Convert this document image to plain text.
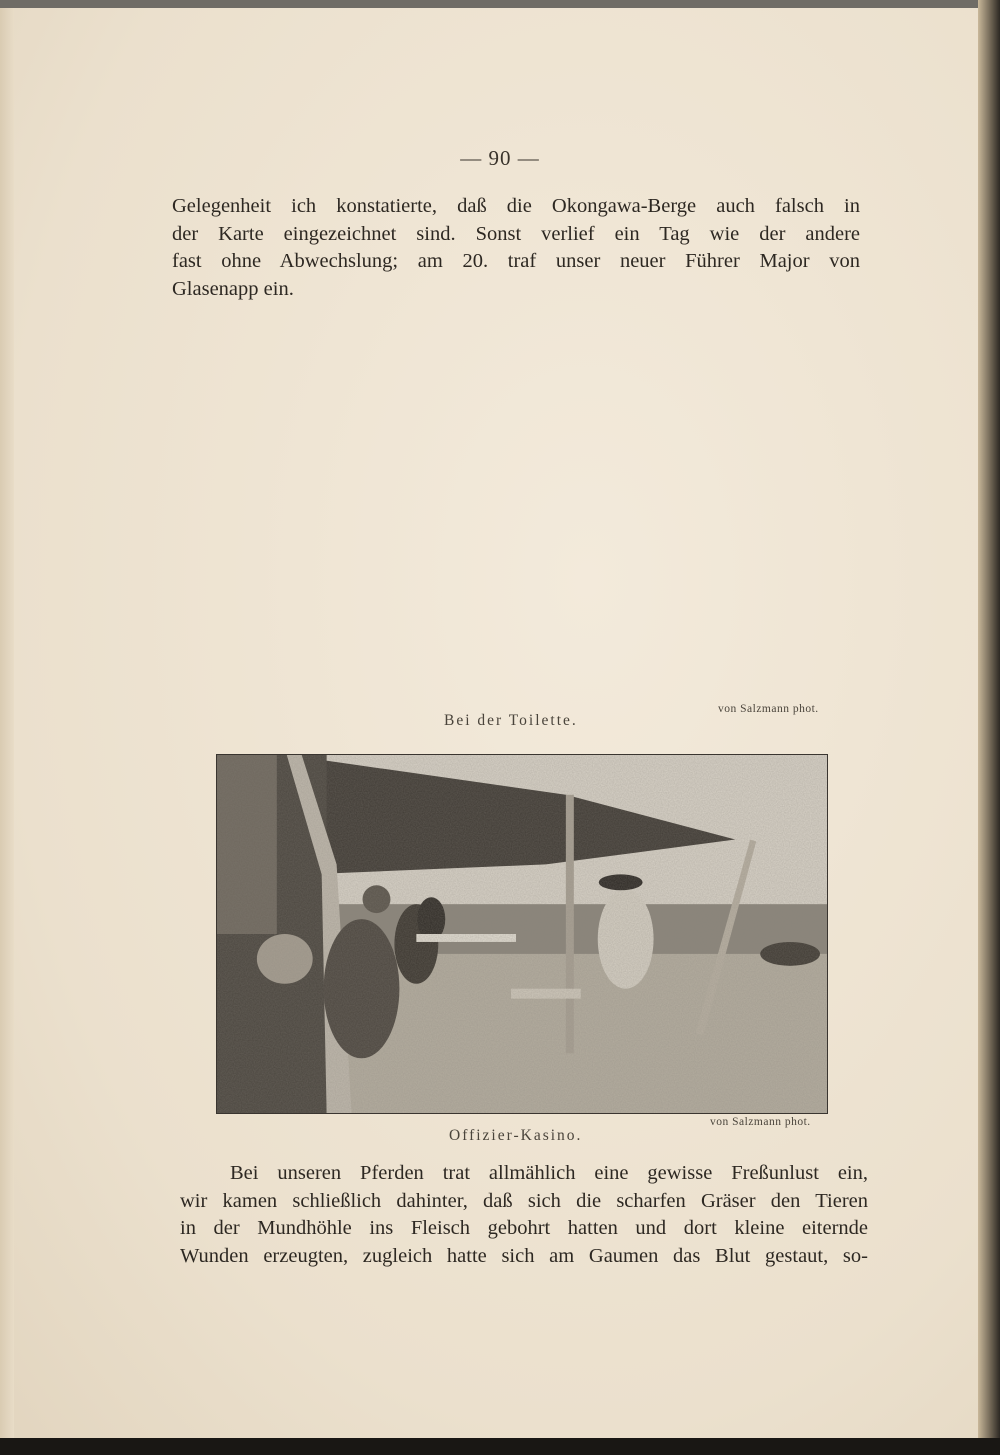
— 90 —
Gelegenheit ich konstatierte, daß die Okongawa-Berge auch falsch in
der Karte eingezeichnet sind. Sonst verlief ein Tag wie der andere
fast ohne Abwechslung; am 20. traf unser neuer Führer Major von
Glasenapp ein.
von Salzmann phot.
Bei der Toilette.
von Salzmann phot.
Offizier-Kasino.
Bei unseren Pferden trat allmählich eine gewisse Freßunlust ein,
wir kamen schließlich dahinter, daß sich die scharfen Gräser den Tieren
in der Mundhöhle ins Fleisch gebohrt hatten und dort kleine eiternde
Wunden erzeugten, zugleich hatte sich am Gaumen das Blut gestaut, so-
